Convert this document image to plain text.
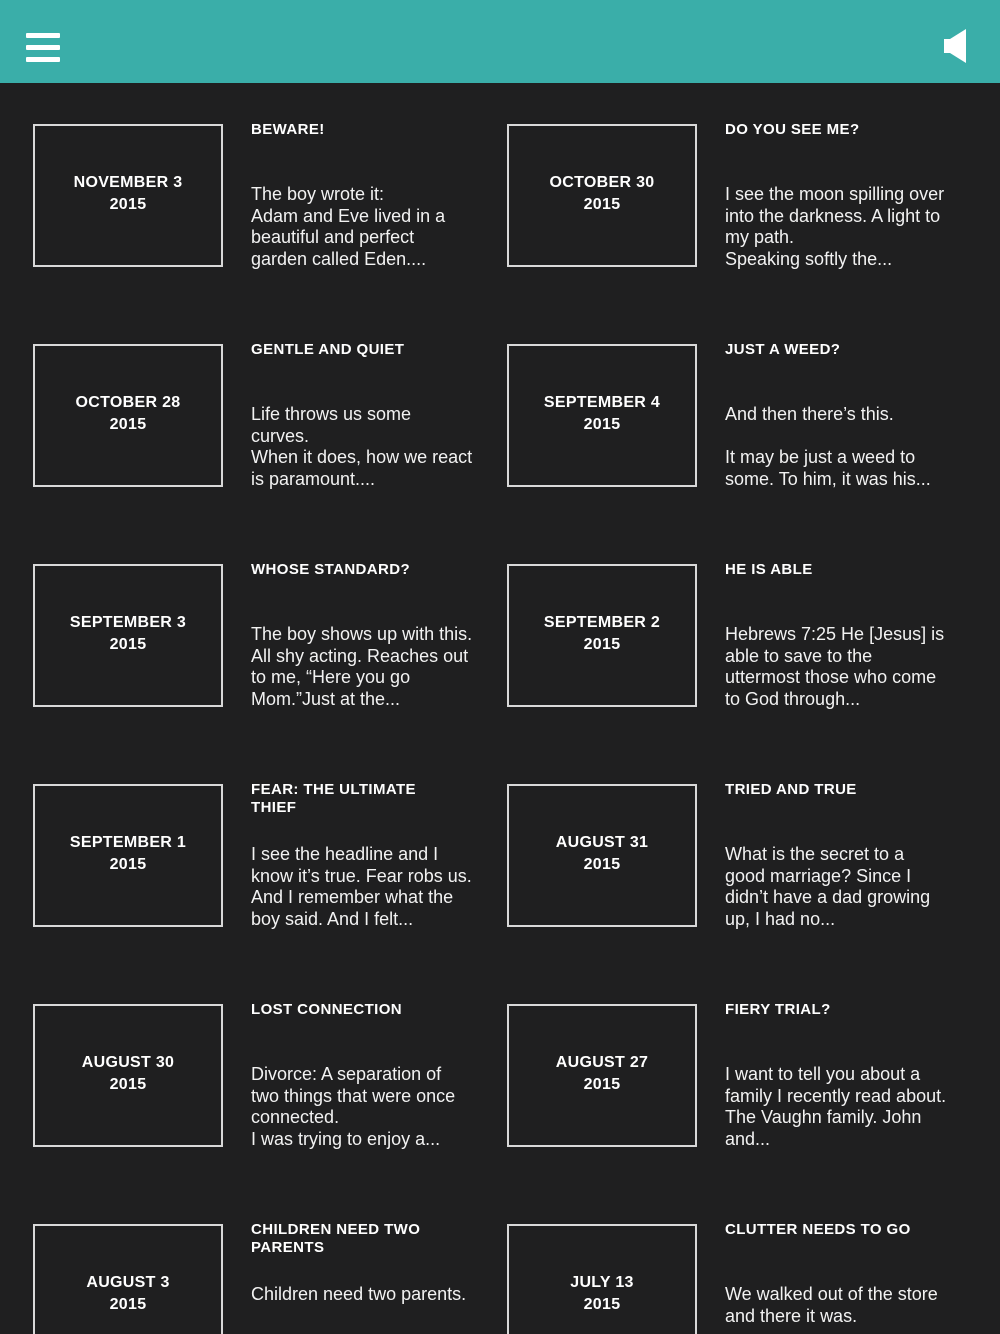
NOVEMBER 3
2015
BEWARE!
The boy wrote it:
Adam and Eve lived in a beautiful and perfect garden called Eden....
OCTOBER 30
2015
DO YOU SEE ME?
I see the moon spilling over into the darkness. A light to my path.
Speaking softly the...
OCTOBER 28
2015
GENTLE AND QUIET
Life throws us some curves.
When it does, how we react is paramount....
SEPTEMBER 4
2015
JUST A WEED?
And then there’s this.

It may be just a weed to some. To him, it was his...
SEPTEMBER 3
2015
WHOSE STANDARD?
The boy shows up with this. All shy acting. Reaches out to me, “Here you go Mom.”Just at the...
SEPTEMBER 2
2015
HE IS ABLE
Hebrews 7:25 He [Jesus] is able to save to the uttermost those who come to God through...
SEPTEMBER 1
2015
FEAR: THE ULTIMATE THIEF
I see the headline and I know it’s true. Fear robs us. And I remember what the boy said. And I felt...
AUGUST 31
2015
TRIED AND TRUE
What is the secret to a good marriage? Since I didn’t have a dad growing up, I had no...
AUGUST 30
2015
LOST CONNECTION
Divorce: A separation of two things that were once connected.
I was trying to enjoy a...
AUGUST 27
2015
FIERY TRIAL?
I want to tell you about a family I recently read about. The Vaughn family. John and...
AUGUST 3
2015
CHILDREN NEED TWO PARENTS
Children need two parents.
JULY 13
2015
CLUTTER NEEDS TO GO
We walked out of the store and there it was.
